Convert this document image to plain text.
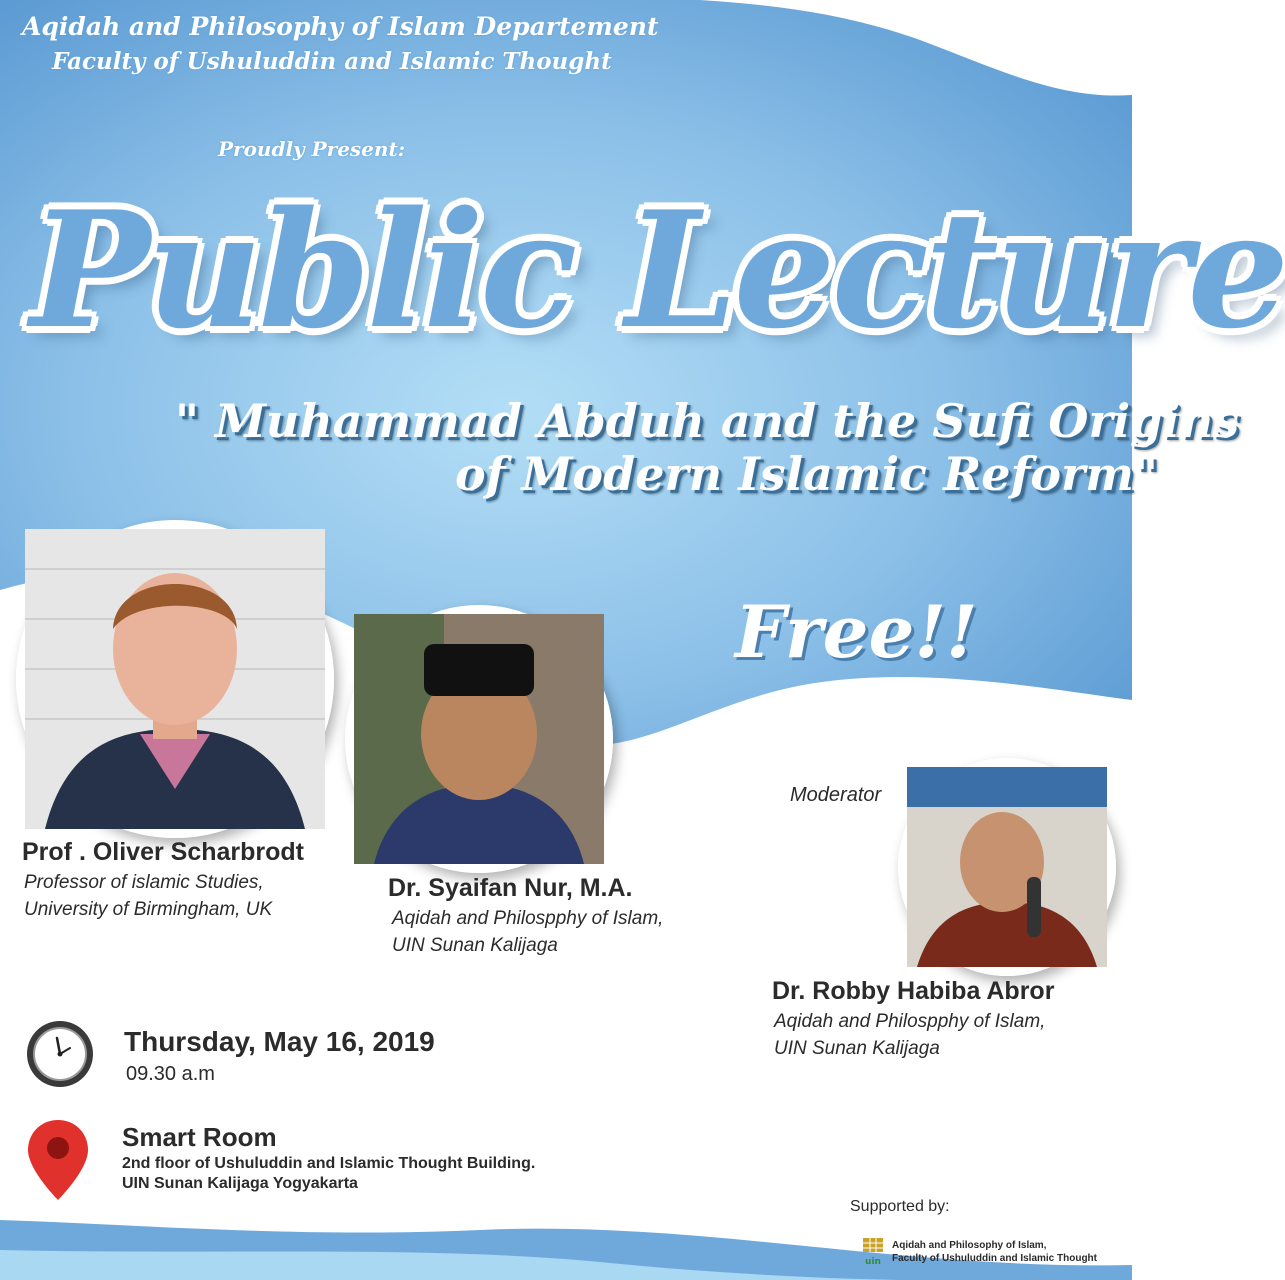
Aqidah and Philosophy of Islam Departement
Faculty of Ushuluddin and Islamic Thought
Proudly Present:
Public Lecture
" Muhammad Abduh and the Sufi Origins
of Modern Islamic Reform"
Free!!
e-certificate
Prof . Oliver Scharbrodt
Professor of islamic Studies,
University of Birmingham, UK
Dr. Syaifan Nur, M.A.
Aqidah and Philospphy of Islam,
UIN Sunan Kalijaga
Moderator
Dr. Robby Habiba Abror
Aqidah and Philospphy of Islam,
UIN Sunan Kalijaga
Thursday, May 16, 2019
09.30 a.m
Smart Room
2nd floor of Ushuluddin and Islamic Thought Building.
UIN Sunan Kalijaga Yogyakarta
Supported by:
uin
Aqidah and Philosophy of Islam,
Faculty of Ushuluddin and Islamic Thought
